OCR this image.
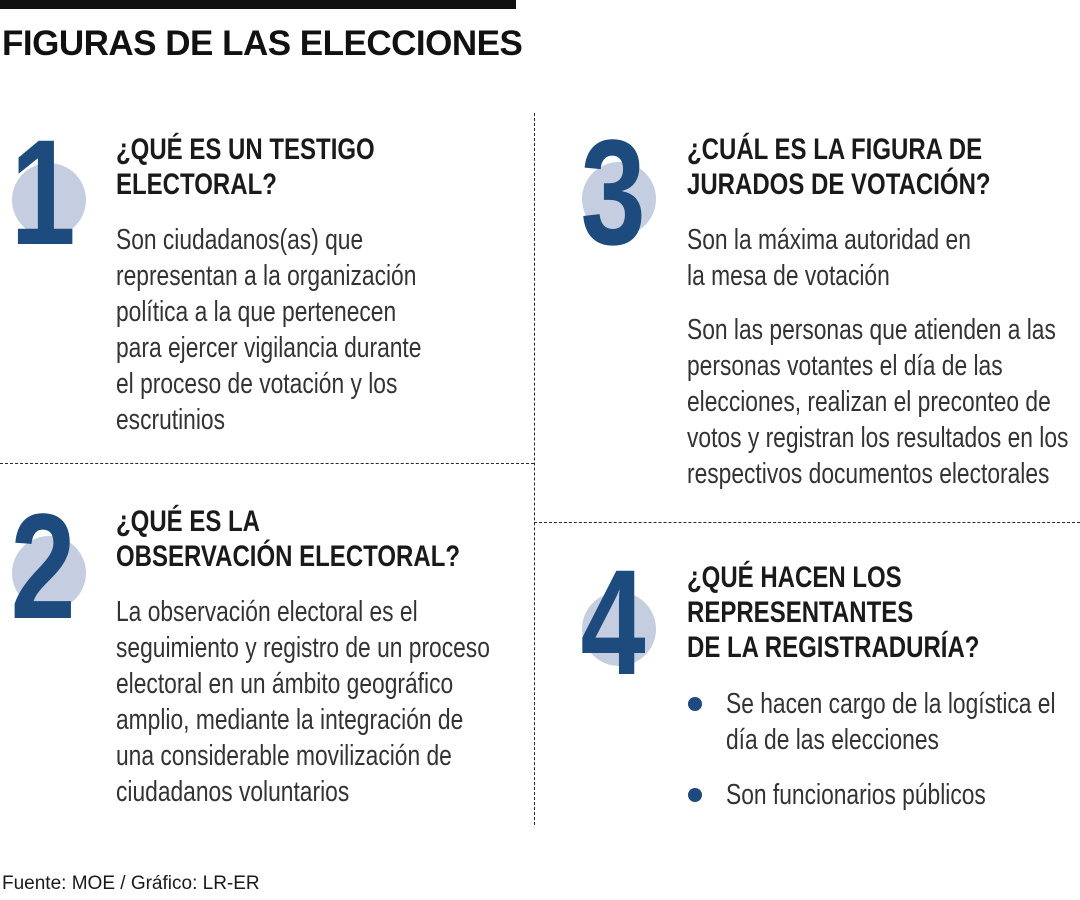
FIGURAS DE LAS ELECCIONES
1 ¿QUÉ ES UN TESTIGO
ELECTORAL?
Son ciudadanos(as) que
representan a la organización
política a la que pertenecen
para ejercer vigilancia durante
el proceso de votación y los
escrutinios
2 ¿QUÉ ES LA
OBSERVACIÓN ELECTORAL?
La observación electoral es el
seguimiento y registro de un proceso
electoral en un ámbito geográfico
amplio, mediante la integración de
una considerable movilización de
ciudadanos voluntarios
3 ¿CUÁL ES LA FIGURA DE
JURADOS DE VOTACIÓN?
Son la máxima autoridad en
la mesa de votación
Son las personas que atienden a las
personas votantes el día de las
elecciones, realizan el preconteo de
votos y registran los resultados en los
respectivos documentos electorales
4 ¿QUÉ HACEN LOS
REPRESENTANTES
DE LA REGISTRADURÍA?
Se hacen cargo de la logística el
día de las elecciones
Son funcionarios públicos

Fuente: MOE / Gráfico: LR-ER
